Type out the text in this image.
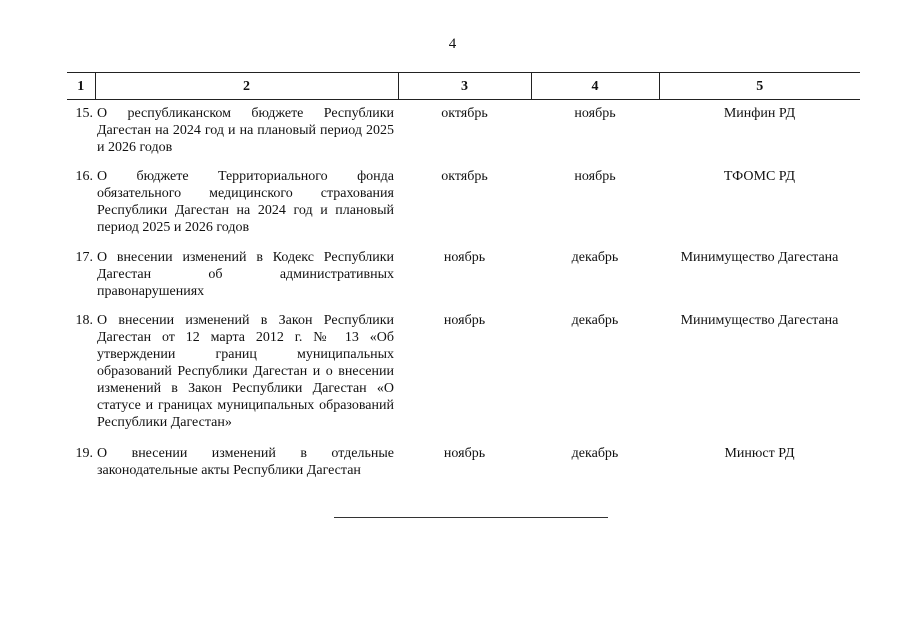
4
1	2	3	4	5
15.	О республиканском бюджете Республики Дагестан на 2024 год и на плановый период 2025 и 2026 годов	октябрь	ноябрь	Минфин РД
16.	О бюджете Территориального фонда обязательного медицинского страхования Республики Дагестан на 2024 год и плановый период 2025 и 2026 годов	октябрь	ноябрь	ТФОМС РД
17.	О внесении изменений в Кодекс Республики Дагестан об административных правонарушениях	ноябрь	декабрь	Минимущество Дагестана
18.	О внесении изменений в Закон Республики Дагестан от 12 марта 2012 г. № 13 «Об утверждении границ муниципальных образований Республики Дагестан и о внесении изменений в Закон Республики Дагестан «О статусе и границах муниципальных образований Республики Дагестан»	ноябрь	декабрь	Минимущество Дагестана
19.	О внесении изменений в отдельные законодательные акты Республики Дагестан	ноябрь	декабрь	Минюст РД
